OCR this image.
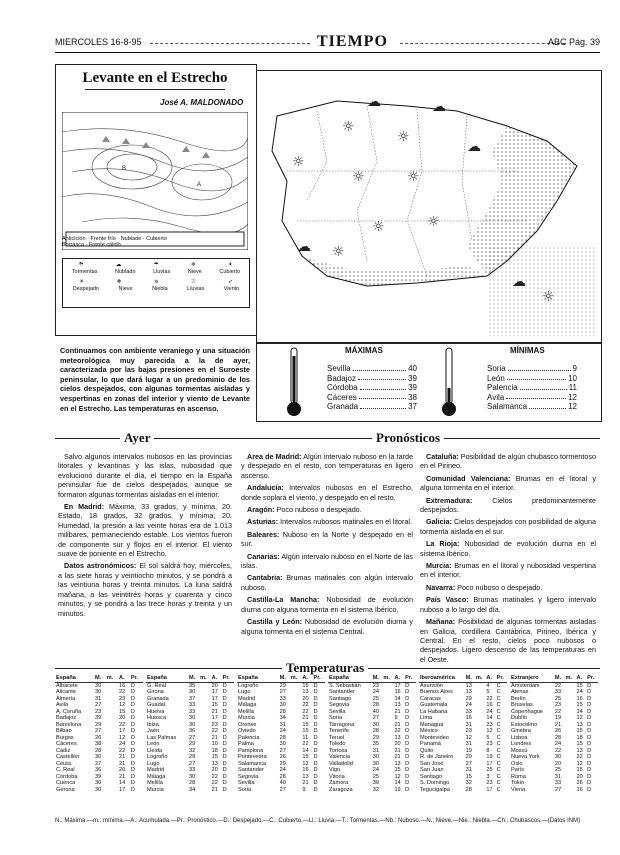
MIERCOLES 16-8-95	TIEMPO	ABC Pág. 39
Levante en el Estrecho
José A. MALDONADO
B
A
Anticiclón · Frente frío · Nublado · Cubierto
Borrasca · Frente cálido
⛈	☁	☂	❄	☀
Tormentas	Nublado	Lluvias	Nieve	Cubierto
☀	❅	≋	⛆	➶
Despejado	Nieve	Niebla	Lluvias	Viento
☼
☼
☼	☼
☼	☼
☼
☼
☁
☁	☁
☁
☁
☼
MÁXIMAS
Sevilla	40
Badajoz	39
Córdoba	39
Cáceres	38
Granada	37
MÍNIMAS
Soria	9
León	10
Palencia	11
Avila	12
Salamanca	12
Continuamos con ambiente veraniego y una situación meteorológica muy parecida a la de ayer, caracterizada por las bajas presiones en el Suroeste peninsular, lo que dará lugar a un predominio de los cielos despejados, con algunas tormentas aisladas y vespertinas en zonas del interior y viento de Levante en el Estrecho. Las temperaturas en ascenso.
Ayer	Pronósticos

Salvo algunos intervalos nubosos en las provincias litorales y levantinas y las islas, nubosidad que evolucionó durante el día, el tiempo en la España peninsular fue de cielos despejados, aunque se formaron algunas tormentas aisladas en el interior.

En Madrid: Máxima, 33 grados, y mínima, 20. Estado, 18 grados, 32 grados, y mínima, 20. Humedad, la presión a las veinte horas era de 1.013 milibares, permaneciendo estable. Los vientos fueron de componente sur y flojos en el interior. El viento suave de poniente en el Estrecho.

Datos astronómicos: El sol saldrá hoy, miércoles, a las siete horas y veintiocho minutos, y se pondrá a las veintiuna horas y treinta minutos. La luna saldrá mañana, a las veintitrés horas y cuarenta y cinco minutos, y se pondrá a las trece horas y treinta y un minutos.

Area de Madrid: Algún intervalo nuboso en la tarde y despejado en el resto, con temperaturas en ligero ascenso.

Andalucía: Intervalos nubosos en el Estrecho, donde soplará el viento, y despejado en el resto.

Aragón: Poco nuboso o despejado.

Asturias: Intervalos nubosos matinales en el litoral.

Baleares: Nuboso en la Norte y despejado en el sur.

Canarias: Algún intervalo nuboso en el Norte de las islas.

Cantabria: Brumas matinales con algún intervalo nuboso.

Castilla-La Mancha: Nubosidad de evolución diurna con alguna tormenta en el sistema Ibérico.

Castilla y León: Nubosidad de evolución diurna y alguna tormenta en el sistema Central.

Cataluña: Posibilidad de algún chubasco tormentoso en el Pirineo.

Comunidad Valenciana: Brumas en el litoral y alguna tormenta en el interior.

Extremadura: Cielos predominantemente despejados.

Galicia: Cielos despejados con posibilidad de alguna tormenta aislada en el sur.

La Rioja: Nubosidad de evolución diurna en el sistema Ibérico.

Murcia: Brumas en el litoral y nubosidad vespertina en el interior.

Navarra: Poco nuboso o despejado.

País Vasco: Brumas matinales y ligero intervalo nuboso a lo largo del día.

Mañana: Posibilidad de algunas tormentas aisladas en Galicia, cordillera Cantábrica, Pirineo, Ibérica y Central. En el resto, cielos poco nubosos o despejados. Ligero descenso de las temperaturas en el Oeste.

Temperaturas
España	M.	m.	A.	Pr.
Albacete	30		16	D
Alicante	30		22	D
Almería	31		23	D
Avila	27		12	D
A. Coruña	23		15	D
Badajoz	39		20	D
Barcelona	29		22	D
Bilbao	27		17	D
Burgos	26		12	D
Cáceres	38		24	D
Cádiz	28		22	D
Castellón	30		21	D
Ceuta	27		21	D
C. Real	36		20	D
Córdoba	39		21	D
Cuenca	30		14	D
Gerona	30		17	D
España	M.	m.	A.	Pr.
G. Real	35		20	D
Girona	30		17	D
Granada	37		17	D
Guadal.	33		15	D
Huelva	33		21	D
Huesca	30		17	D
Ibiza	30		23	D
Jaén	36		22	D
Las Palmas	27		21	D
León	29		10	D
Lleida	32		18	D
Logroño	29		15	D
Lugo	27		13	D
Madrid	33		20	D
Málaga	30		22	D
Melilla	28		22	D
Murcia	34		21	D
España	M.	m.	A.	Pr.
Logroño	29		15	D
Lugo	27		13	D
Madrid	33		20	D
Málaga	30		22	D
Melilla	28		22	D
Murcia	34		21	D
Orense	31		15	D
Oviedo	24		15	D
Palencia	28		11	D
Palma	30		22	D
Pamplona	27		14	D
Pontevedra	26		15	D
Salamanca	29		12	D
Santander	24		16	D
Segovia	28		13	D
Sevilla	40		21	D
Soria	27		9	D
España	M.	m.	A.	Pr.
S. Sebastián	23		17	D
Santander	24		16	D
Santiago	25		14	D
Segovia	28		13	D
Sevilla	40		21	D
Soria	27		9	D
Tarragona	30		21	D
Tenerife	28		22	D
Teruel	29		13	D
Toledo	35		20	D
Tortosa	31		21	D
Valencia	30		21	D
Valladolid	30		13	D
Vigo	24		15	D
Vitoria	25		12	D
Zamora	30		14	D
Zaragoza	32		19	D
Iberoamérica	M.	m.	A.	Pr.
Asunción	13		4	C
Buenos Aires	13		5	C
Caracas	29		22	C
Guatemala	24		16	C
La Habana	33		24	C
Lima	16		14	C
Managua	31		23	C
México	23		12	C
Montevideo	12		5	C
Panamá	31		23	C
Quito	19		8	C
R. de Janeiro	29		19	C
San José	27		17	C
San Juan	31		25	C
Santiago	15		3	C
S. Domingo	32		23	C
Tegucigalpa	28		17	C
Extranjero	M.	m.	A.	Pr.
Amsterdam	22		15	D
Atenas	33		24	D
Berlín	25		16	D
Bruselas	23		15	D
Copenhague	22		14	D
Dublín	19		12	D
Estocolmo	21		13	D
Ginebra	26		15	D
Lisboa	28		18	D
Londres	24		15	D
Moscú	22		13	D
Nueva York	30		22	D
Oslo	20		12	D
París	25		15	D
Roma	31		20	D
Tokio	33		26	D
Viena	27		16	D
N.: Máxima.—m.: mínima.—A.: Acumulada.—Pr.: Pronóstico.—D.: Despejado.—C.: Cubierto.—Ll.: Lluvia.—T.: Tormentas.—Nb.: Nuboso.—N.: Nieve.—Nie.: Niebla.—Ch.: Chubascos.—(Datos INM)
